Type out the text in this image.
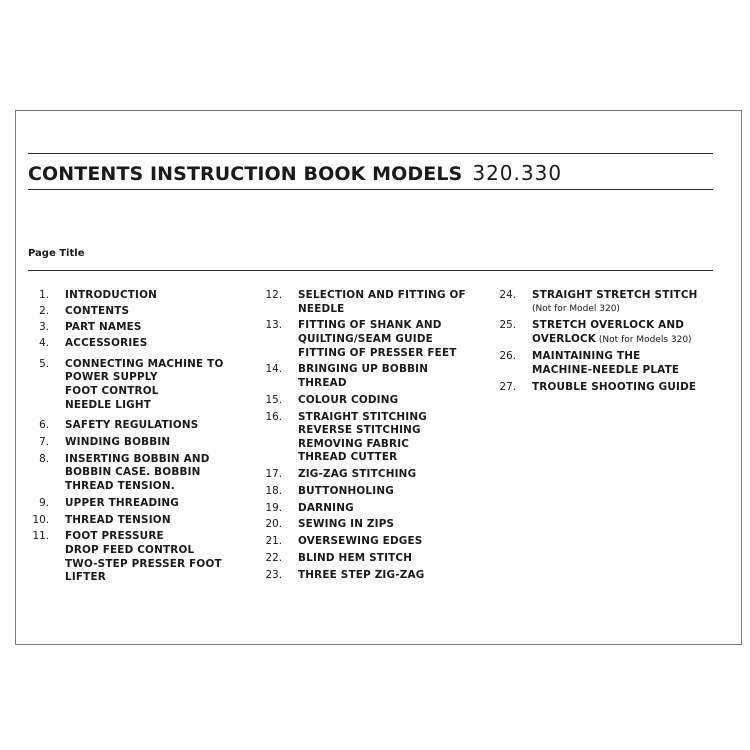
CONTENTS INSTRUCTION BOOK MODELS 320.330
Page Title
1.	INTRODUCTION
2.	CONTENTS
3.	PART NAMES
4.	ACCESSORIES
5.	CONNECTING MACHINE TO
POWER SUPPLY
FOOT CONTROL
NEEDLE LIGHT
6.	SAFETY REGULATIONS
7.	WINDING BOBBIN
8.	INSERTING BOBBIN AND
BOBBIN CASE. BOBBIN
THREAD TENSION.
9.	UPPER THREADING
10.	THREAD TENSION
11.	FOOT PRESSURE
DROP FEED CONTROL
TWO-STEP PRESSER FOOT
LIFTER
12.	SELECTION AND FITTING OF
NEEDLE
13.	FITTING OF SHANK AND
QUILTING/SEAM GUIDE
FITTING OF PRESSER FEET
14.	BRINGING UP BOBBIN
THREAD
15.	COLOUR CODING
16.	STRAIGHT STITCHING
REVERSE STITCHING
REMOVING FABRIC
THREAD CUTTER
17.	ZIG-ZAG STITCHING
18.	BUTTONHOLING
19.	DARNING
20.	SEWING IN ZIPS
21.	OVERSEWING EDGES
22.	BLIND HEM STITCH
23.	THREE STEP ZIG-ZAG
24.	STRAIGHT STRETCH STITCH
(Not for Model 320)
25.	STRETCH OVERLOCK AND
OVERLOCK (Not for Models 320)
26.	MAINTAINING THE
MACHINE-NEEDLE PLATE
27.	TROUBLE SHOOTING GUIDE
